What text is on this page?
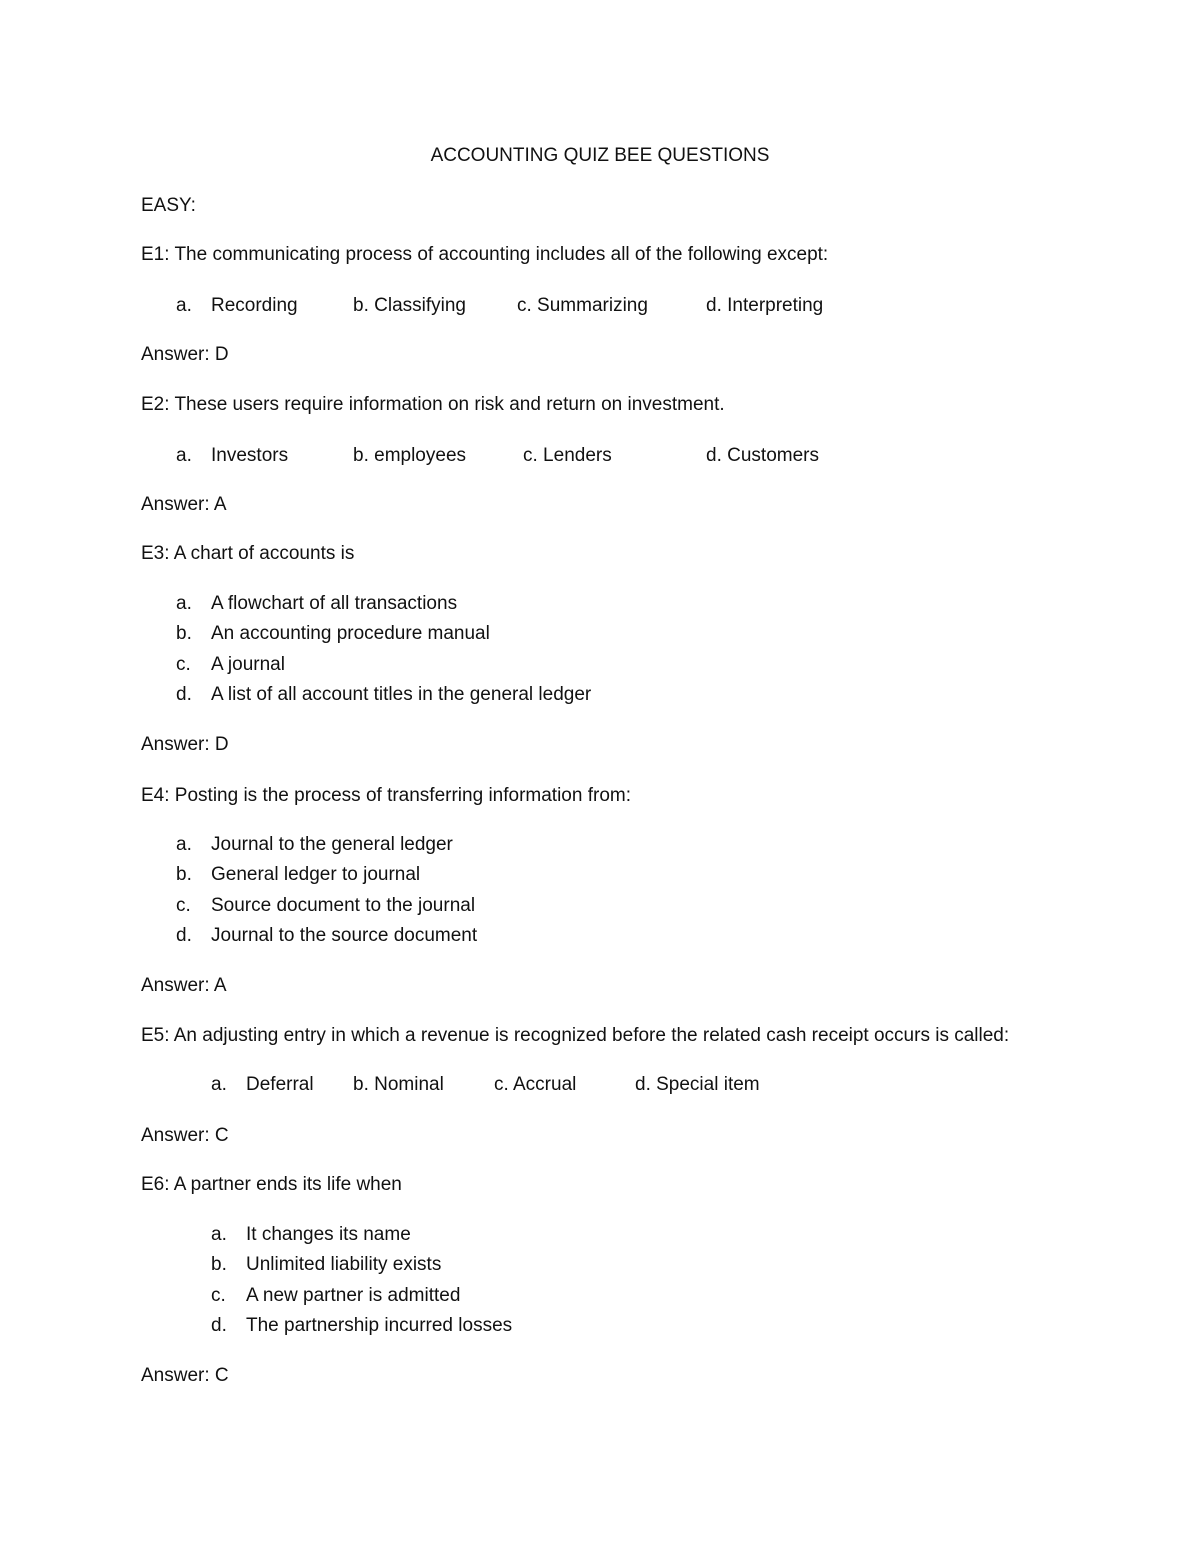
ACCOUNTING QUIZ BEE QUESTIONS
EASY:
E1: The communicating process of accounting includes all of the following except:
a. Recording	b. Classifying	c. Summarizing	d. Interpreting
Answer: D
E2: These users require information on risk and return on investment.
a. Investors	b. employees	c. Lenders	d. Customers
Answer: A
E3: A chart of accounts is
a. A flowchart of all transactions
b. An accounting procedure manual
c. A journal
d. A list of all account titles in the general ledger
Answer: D
E4: Posting is the process of transferring information from:
a. Journal to the general ledger
b. General ledger to journal
c. Source document to the journal
d. Journal to the source document
Answer: A
E5: An adjusting entry in which a revenue is recognized before the related cash receipt occurs is called:
a. Deferral b. Nominal	c. Accrual	d. Special item
Answer: C
E6: A partner ends its life when
a. It changes its name
b. Unlimited liability exists
c. A new partner is admitted
d. The partnership incurred losses
Answer: C
